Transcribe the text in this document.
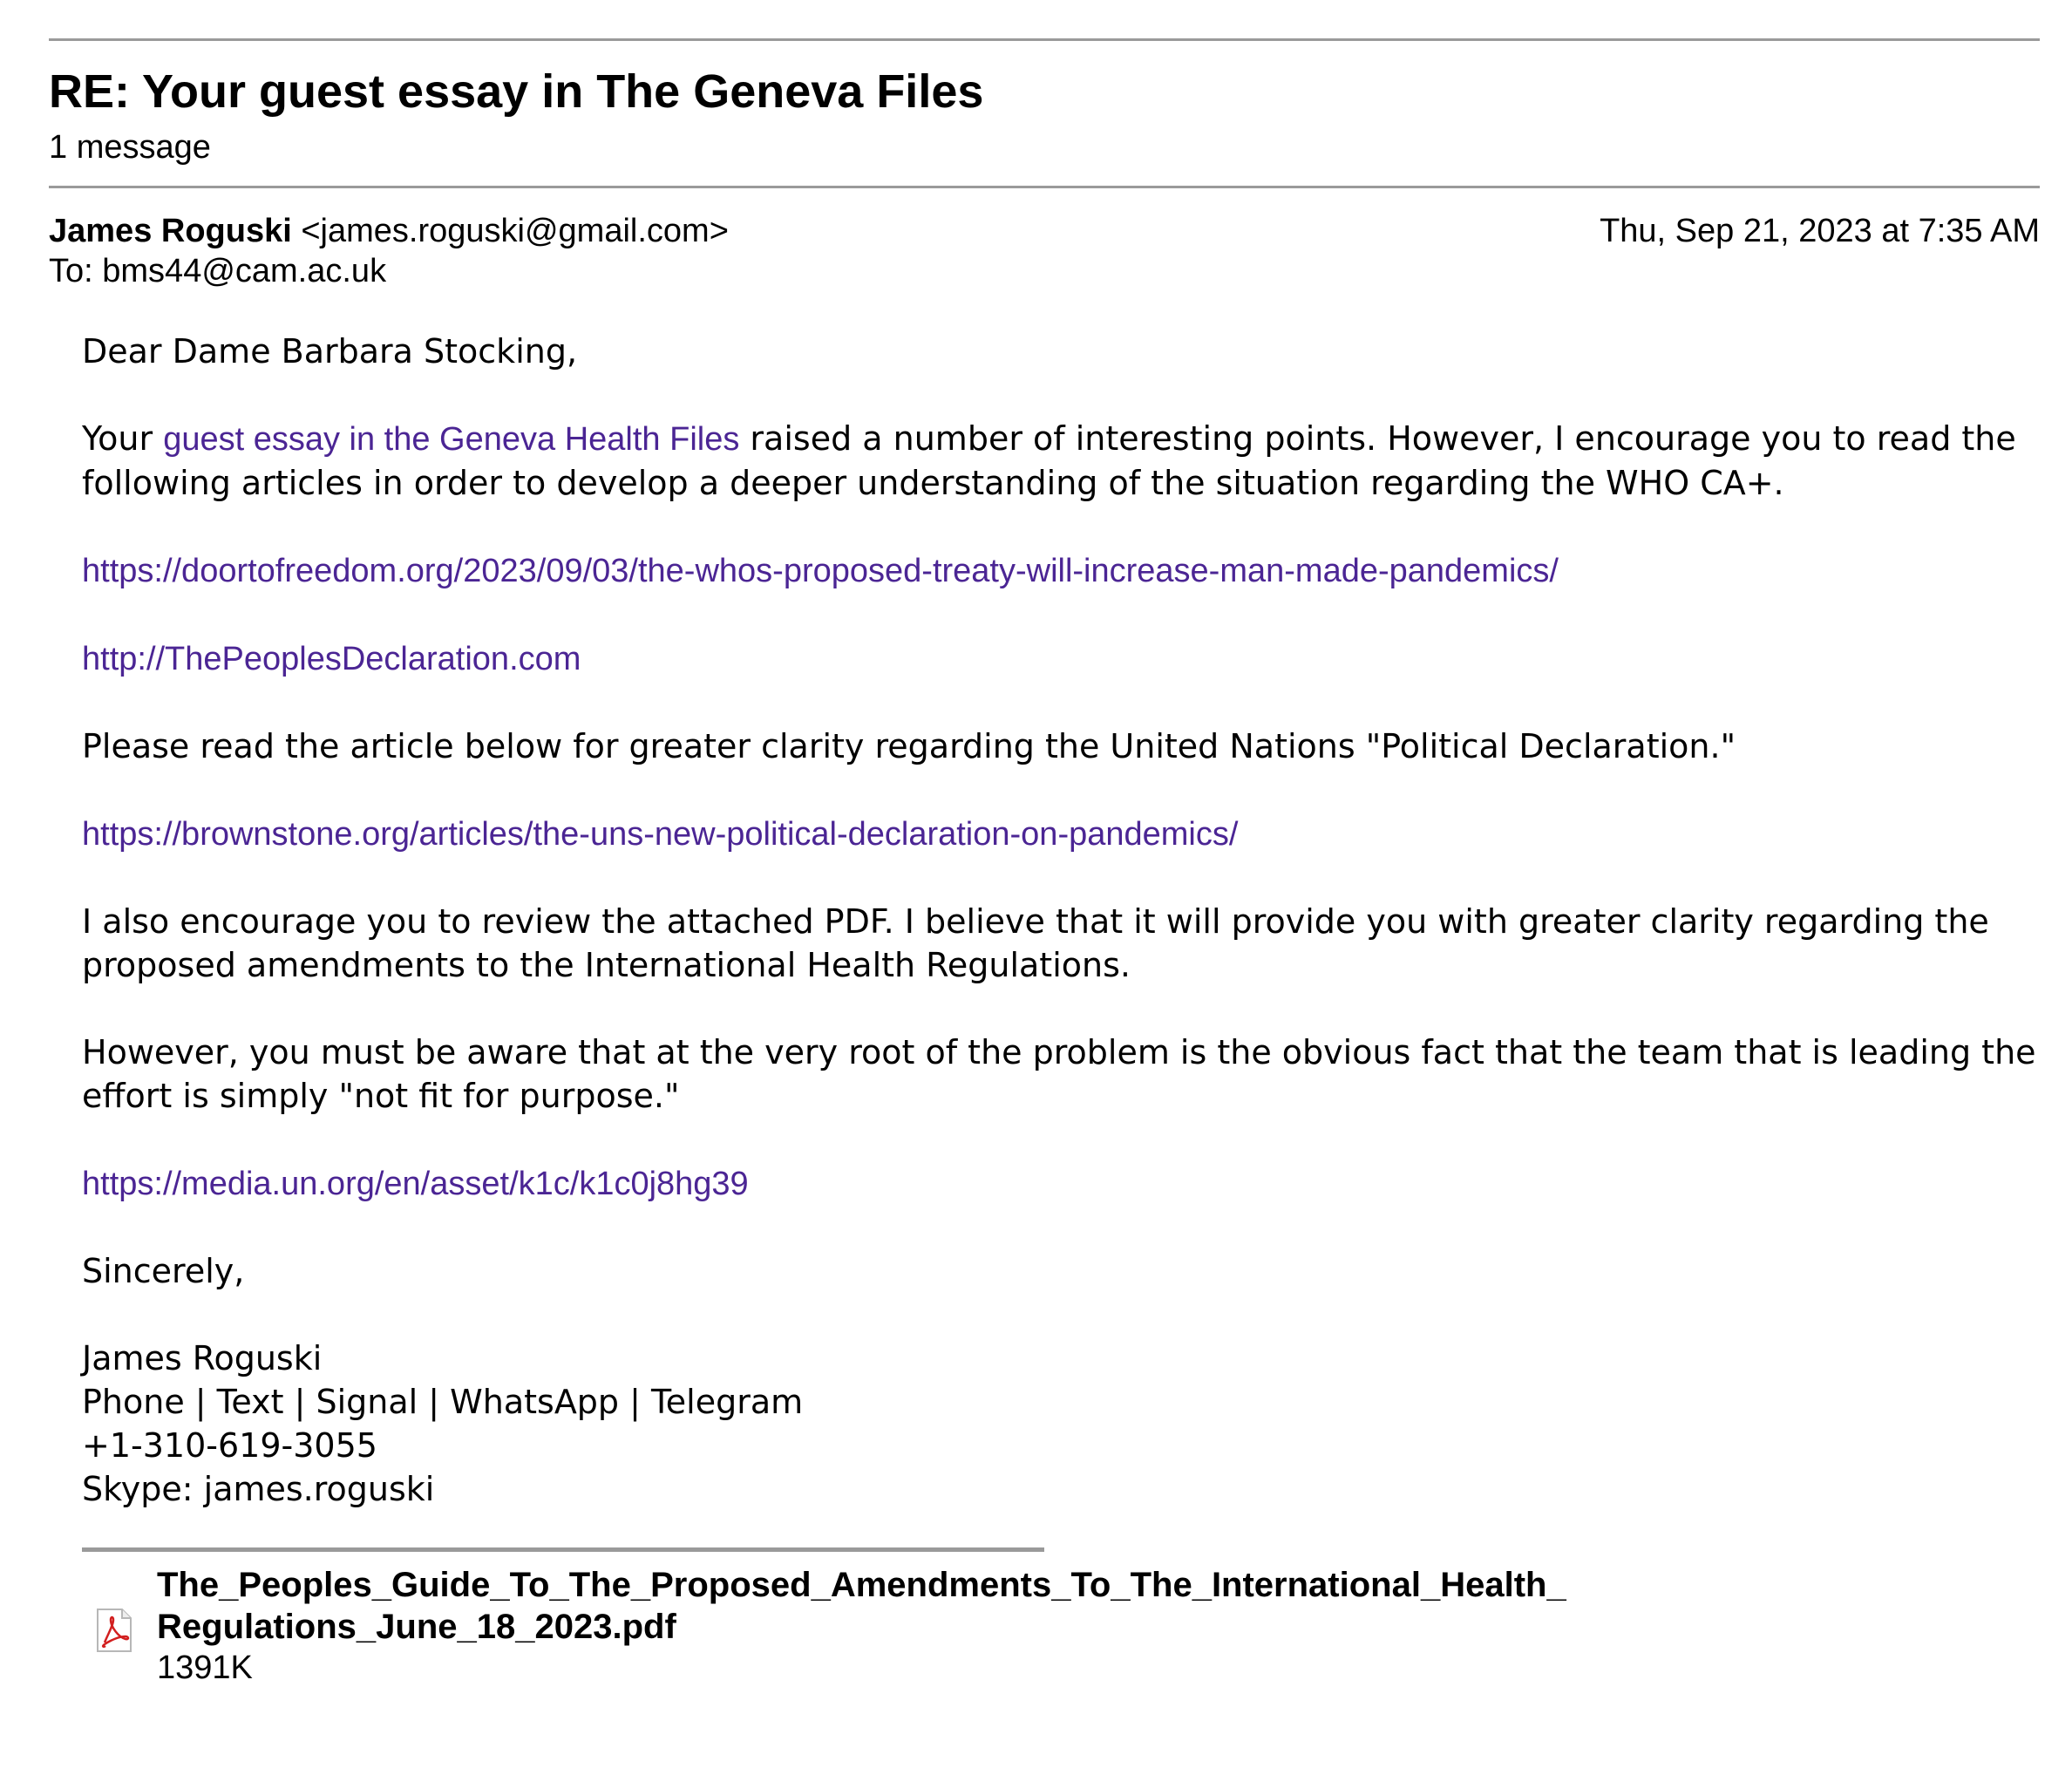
RE: Your guest essay in The Geneva Files
1 message
James Roguski <james.roguski@gmail.com>	Thu, Sep 21, 2023 at 7:35 AM
To: bms44@cam.ac.uk

Dear Dame Barbara Stocking,

Your guest essay in the Geneva Health Files raised a number of interesting points. However, I encourage you to read the following articles in order to develop a deeper understanding of the situation regarding the WHO CA+.

https://doortofreedom.org/2023/09/03/the-whos-proposed-treaty-will-increase-man-made-pandemics/

http://ThePeoplesDeclaration.com

Please read the article below for greater clarity regarding the United Nations "Political Declaration."

https://brownstone.org/articles/the-uns-new-political-declaration-on-pandemics/

I also encourage you to review the attached PDF. I believe that it will provide you with greater clarity regarding the proposed amendments to the International Health Regulations.

However, you must be aware that at the very root of the problem is the obvious fact that the team that is leading the effort is simply "not fit for purpose."

https://media.un.org/en/asset/k1c/k1c0j8hg39

Sincerely,

James Roguski
Phone | Text | Signal | WhatsApp | Telegram
+1-310-619-3055
Skype: james.roguski

The_Peoples_Guide_To_The_Proposed_Amendments_To_The_International_Health_
Regulations_June_18_2023.pdf
1391K
